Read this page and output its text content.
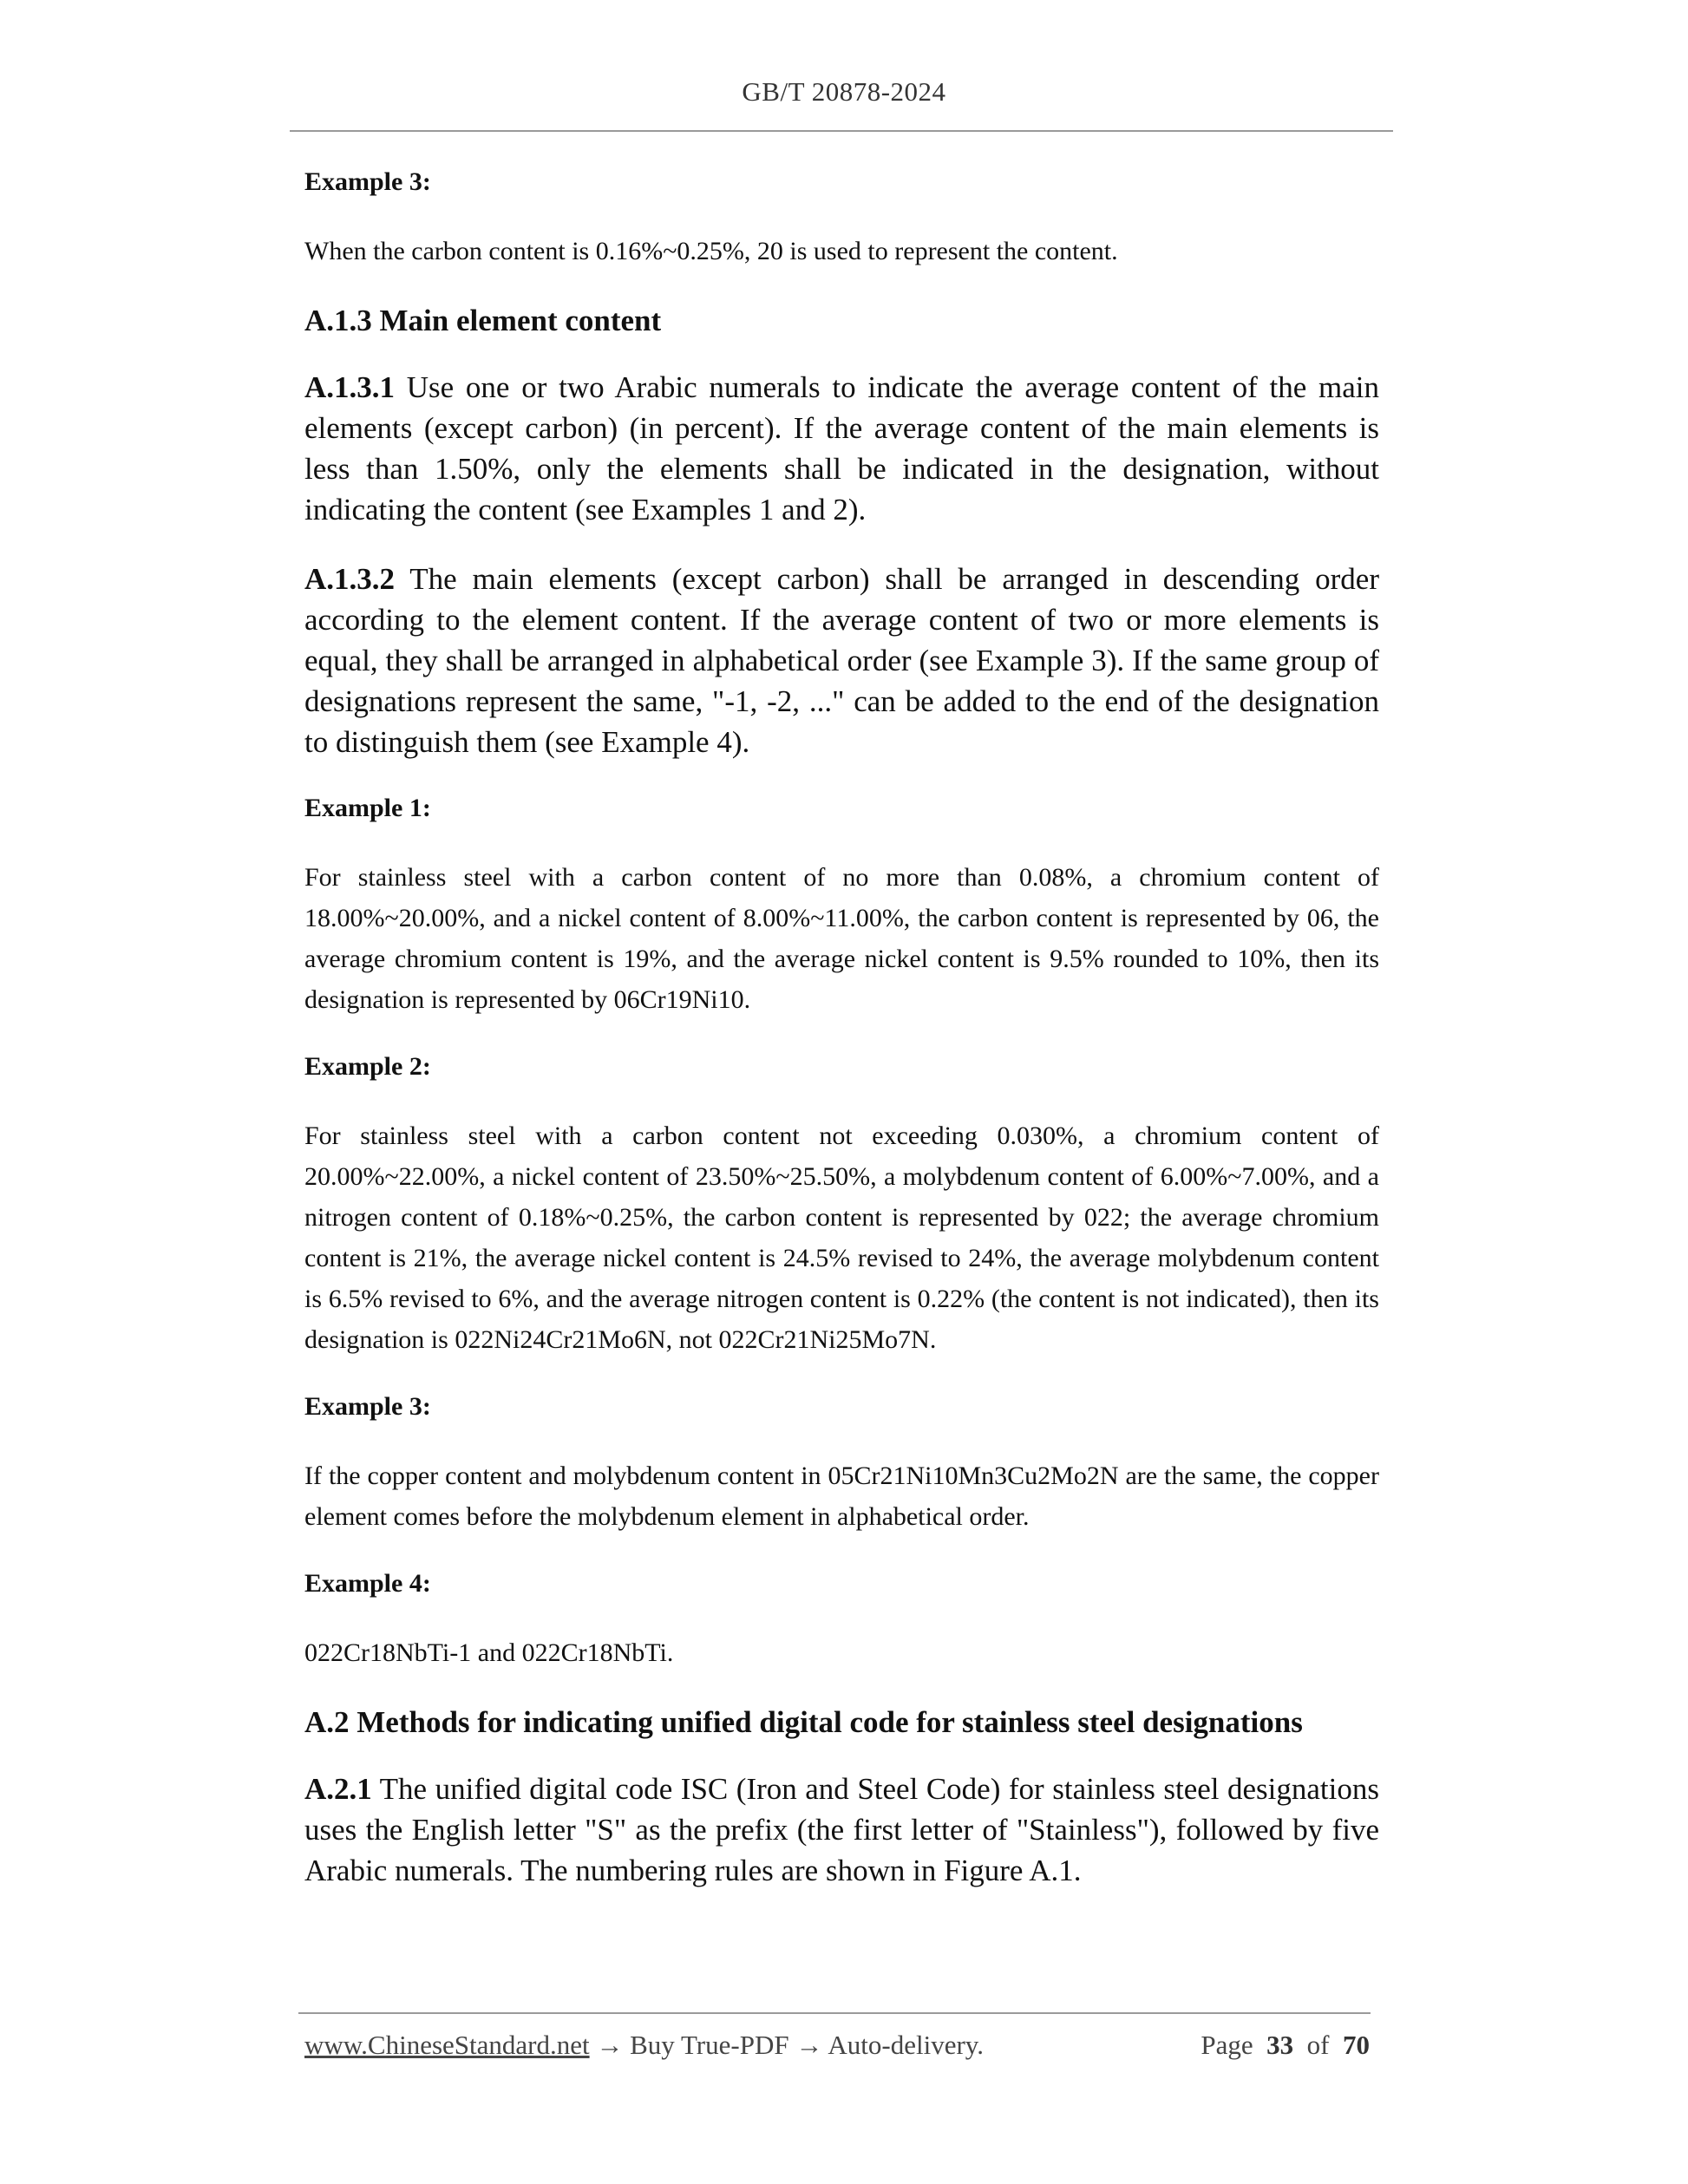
GB/T 20878-2024
Example 3:
When the carbon content is 0.16%~0.25%, 20 is used to represent the content.
A.1.3 Main element content
A.1.3.1 Use one or two Arabic numerals to indicate the average content of the main elements (except carbon) (in percent). If the average content of the main elements is less than 1.50%, only the elements shall be indicated in the designation, without indicating the content (see Examples 1 and 2).
A.1.3.2 The main elements (except carbon) shall be arranged in descending order according to the element content. If the average content of two or more elements is equal, they shall be arranged in alphabetical order (see Example 3). If the same group of designations represent the same, "-1, -2, ..." can be added to the end of the designation to distinguish them (see Example 4).
Example 1:
For stainless steel with a carbon content of no more than 0.08%, a chromium content of 18.00%~20.00%, and a nickel content of 8.00%~11.00%, the carbon content is represented by 06, the average chromium content is 19%, and the average nickel content is 9.5% rounded to 10%, then its designation is represented by 06Cr19Ni10.
Example 2:
For stainless steel with a carbon content not exceeding 0.030%, a chromium content of 20.00%~22.00%, a nickel content of 23.50%~25.50%, a molybdenum content of 6.00%~7.00%, and a nitrogen content of 0.18%~0.25%, the carbon content is represented by 022; the average chromium content is 21%, the average nickel content is 24.5% revised to 24%, the average molybdenum content is 6.5% revised to 6%, and the average nitrogen content is 0.22% (the content is not indicated), then its designation is 022Ni24Cr21Mo6N, not 022Cr21Ni25Mo7N.
Example 3:
If the copper content and molybdenum content in 05Cr21Ni10Mn3Cu2Mo2N are the same, the copper element comes before the molybdenum element in alphabetical order.
Example 4:
022Cr18NbTi-1 and 022Cr18NbTi.
A.2 Methods for indicating unified digital code for stainless steel designations
A.2.1 The unified digital code ISC (Iron and Steel Code) for stainless steel designations uses the English letter "S" as the prefix (the first letter of "Stainless"), followed by five Arabic numerals. The numbering rules are shown in Figure A.1.
www.ChineseStandard.net → Buy True-PDF → Auto-delivery.	Page 33 of 70
